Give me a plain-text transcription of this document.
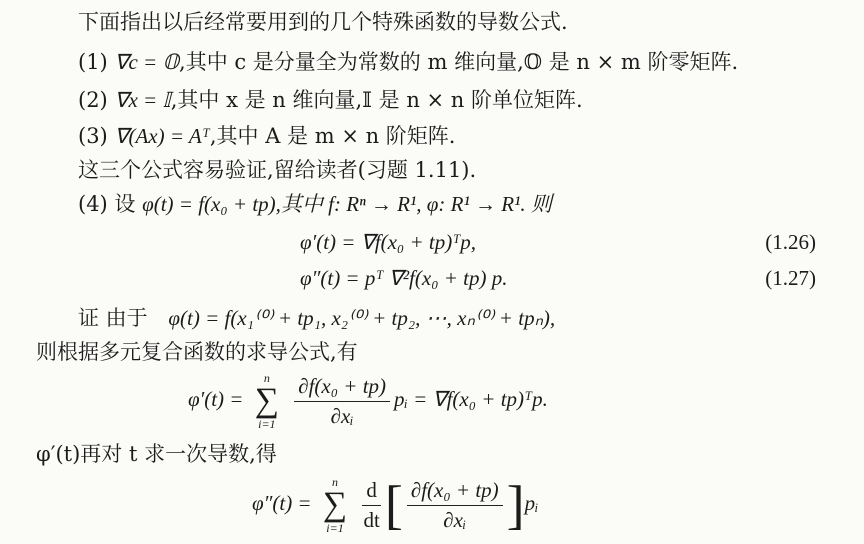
下面指出以后经常要用到的几个特殊函数的导数公式.
(1) ∇c = 𝕆,其中 c 是分量全为常数的 m 维向量,𝕆 是 n × m 阶零矩阵.
(2) ∇x = 𝕀,其中 x 是 n 维向量,𝕀 是 n × n 阶单位矩阵.
(3) ∇(Ax) = Aᵀ,其中 A 是 m × n 阶矩阵.
这三个公式容易验证,留给读者(习题 1.11).
(4) 设 φ(t) = f(x₀ + tp),其中 f: Rⁿ → R¹, φ: R¹ → R¹. 则
φ′(t) = ∇f(x₀ + tp)ᵀp,	(1.26)
φ″(t) = pᵀ ∇²f(x₀ + tp) p.	(1.27)
证 由于 φ(t) = f(x₁⁽⁰⁾ + tp₁, x₂⁽⁰⁾ + tp₂, ⋯, xₙ⁽⁰⁾ + tpₙ),
则根据多元复合函数的求导公式,有
φ′(t) =
n
∑
i=1
$\frac{\text{∂f(x₀ + tp)}}{\text{∂xᵢ}}$ pᵢ = ∇f(x₀ + tp)ᵀp.
φ′(t)再对 t 求一次导数,得
φ″(t) =
n
∑
i=1
$\frac{d}{dt}$ [ $\frac{\text{∂f(x₀ + tp)}}{\text{∂xᵢ}}$ ]pᵢ
